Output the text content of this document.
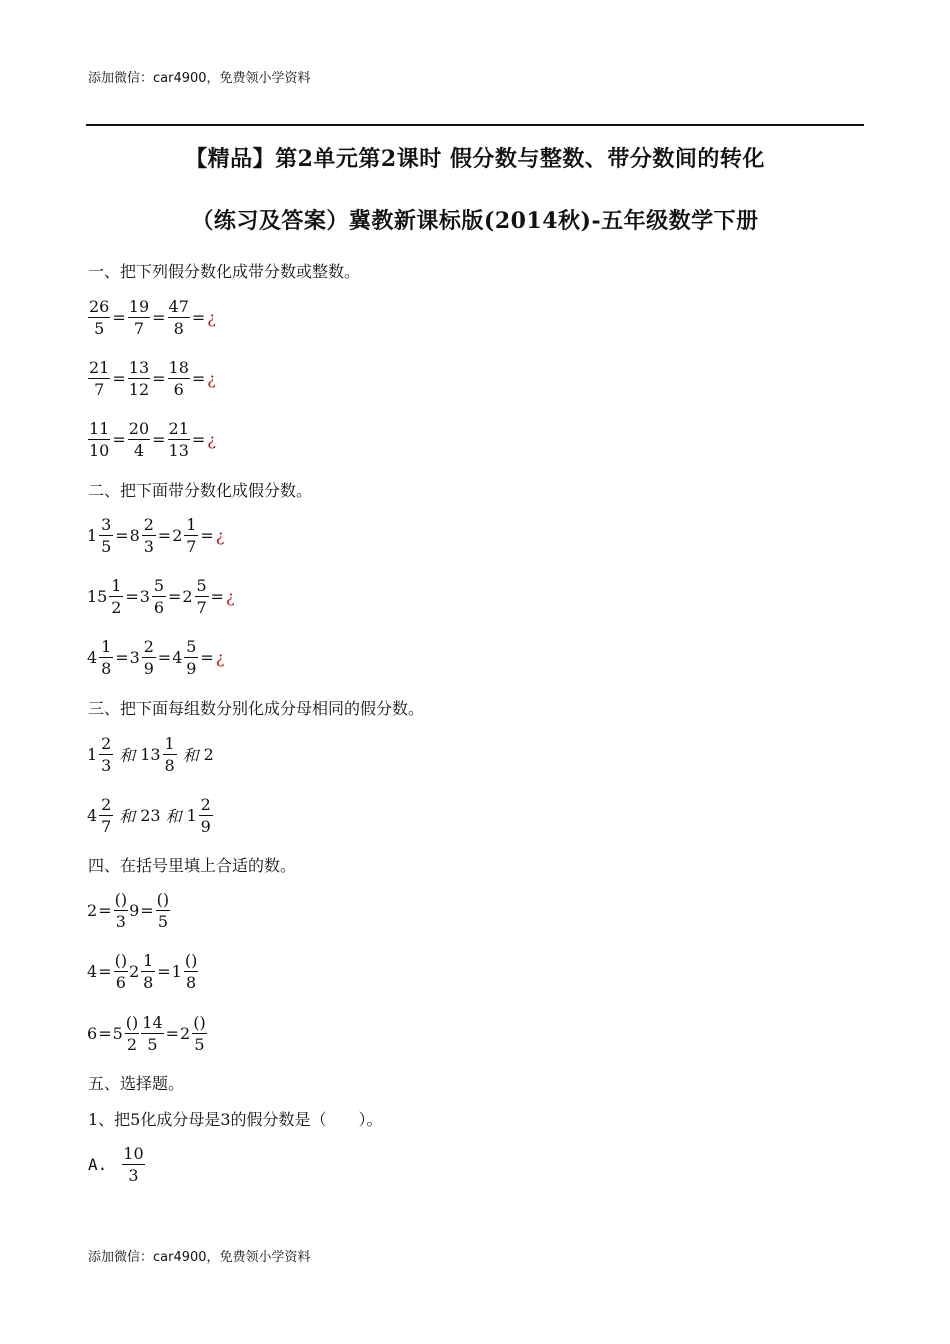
添加微信：car4900，免费领小学资料
【精品】第2单元第2课时 假分数与整数、带分数间的转化
（练习及答案）冀教新课标版(2014秋)-五年级数学下册
一、把下列假分数化成带分数或整数。
$\frac{26}{5} = \frac{19}{7} = \frac{47}{8}$ = ¿
$\frac{21}{7} = \frac{13}{12} = \frac{18}{6}$ = ¿
$\frac{11}{10} = \frac{20}{4} = \frac{21}{13}$ = ¿
二、把下面带分数化成假分数。
$1 \frac{3}{5} = 8 \frac{2}{3} = 2 \frac{1}{7}$ = ¿
$15 \frac{1}{2} = 3 \frac{5}{6} = 2 \frac{5}{7}$ = ¿
$4 \frac{1}{8} = 3 \frac{2}{9} = 4 \frac{5}{9}$ = ¿
三、把下面每组数分别化成分母相同的假分数。
$1 \frac{2}{3}$ 和 $13 \frac{1}{8}$ 和 2
$4 \frac{2}{7}$ 和 23 和 $1 \frac{2}{9}$
四、在括号里填上合适的数。
$2 = \frac{()}{3} 9 = \frac{()}{5}$
$4 = \frac{()}{6} 2 \frac{1}{8} = 1 \frac{()}{8}$
$6 = 5 \frac{()}{2} \frac{14}{5} = 2 \frac{()}{5}$
五、选择题。
1、把5化成分母是3的假分数是（　　）。
A. $\frac{10}{3}$
添加微信：car4900，免费领小学资料
